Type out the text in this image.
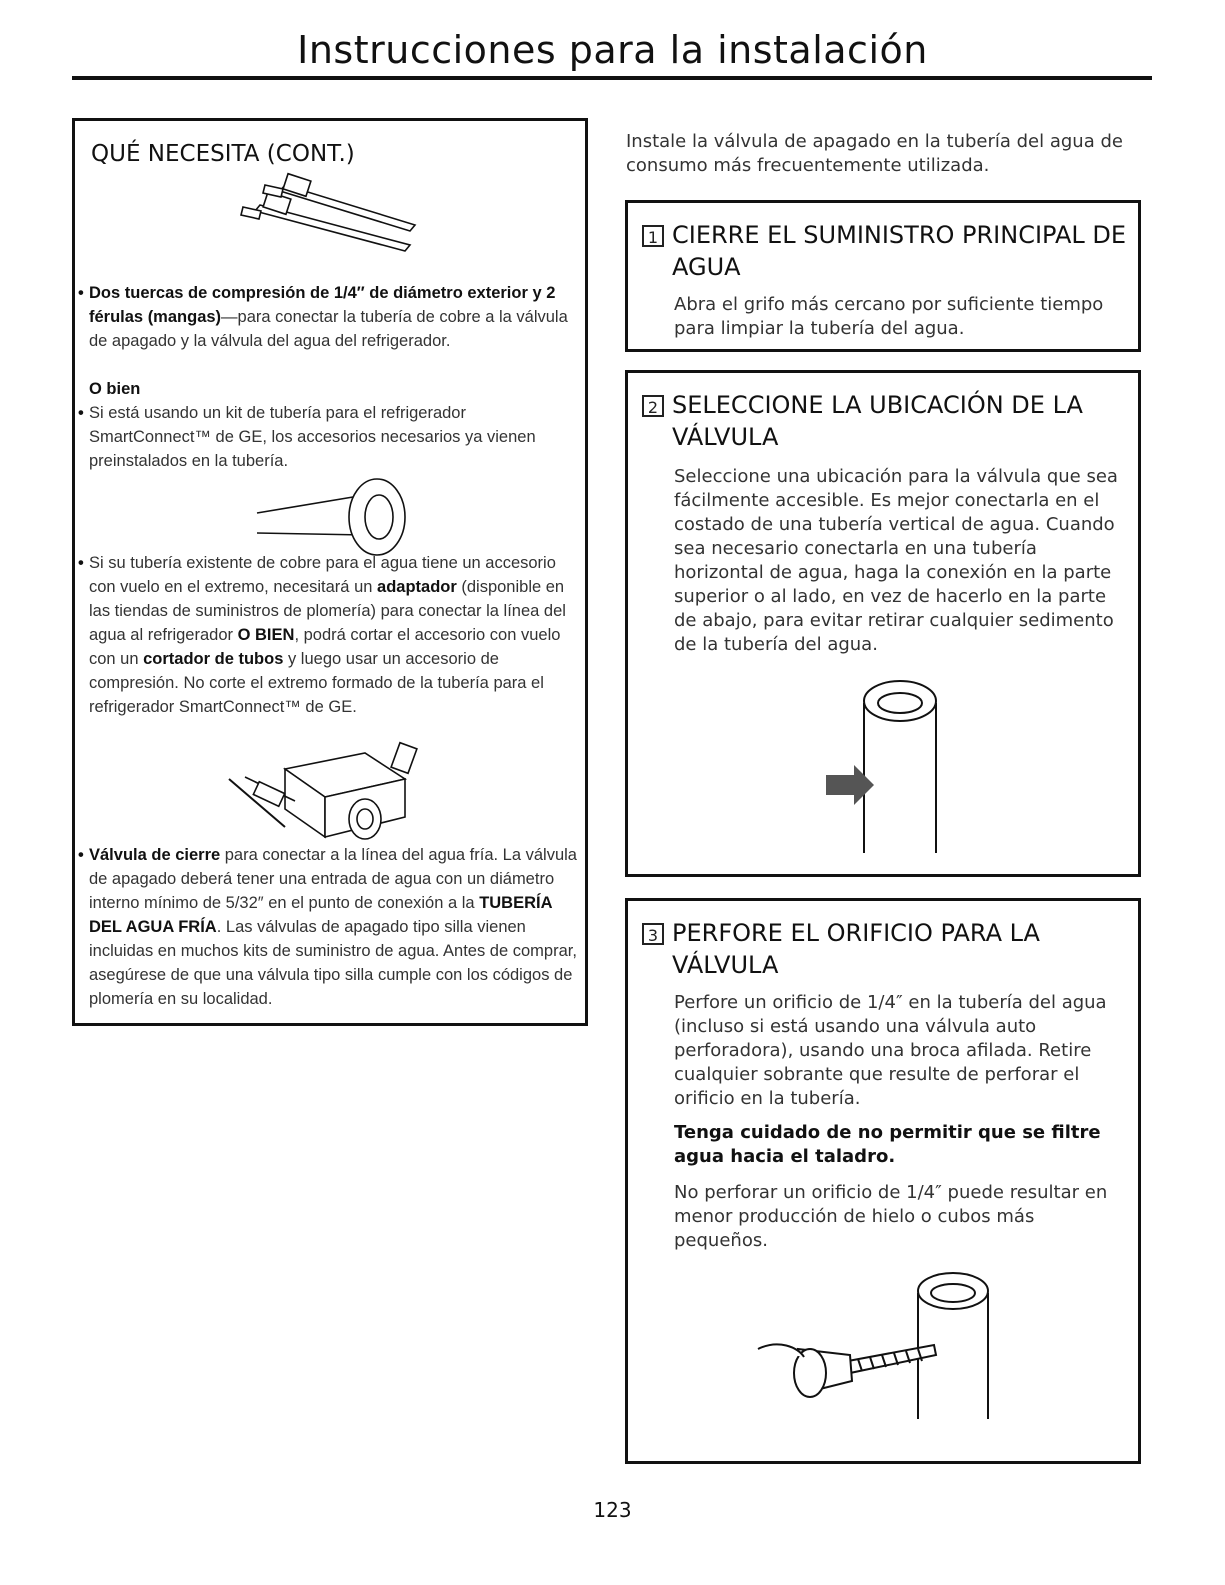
Instrucciones para la instalación
QUÉ NECESITA (CONT.)
• Dos tuercas de compresión de 1/4″ de diámetro exterior y 2 férulas (mangas)—para conectar la tubería de cobre a la válvula de apagado y la válvula del agua del refrigerador.
O bien
• Si está usando un kit de tubería para el refrigerador SmartConnect™ de GE, los accesorios necesarios ya vienen preinstalados en la tubería.
• Si su tubería existente de cobre para el agua tiene un accesorio con vuelo en el extremo, necesitará un adaptador (disponible en las tiendas de suministros de plomería) para conectar la línea del agua al refrigerador O BIEN, podrá cortar el accesorio con vuelo con un cortador de tubos y luego usar un accesorio de compresión. No corte el extremo formado de la tubería para el refrigerador SmartConnect™ de GE.
• Válvula de cierre para conectar a la línea del agua fría. La válvula de apagado deberá tener una entrada de agua con un diámetro interno mínimo de 5/32″ en el punto de conexión a la TUBERÍA DEL AGUA FRÍA. Las válvulas de apagado tipo silla vienen incluidas en muchos kits de suministro de agua. Antes de comprar, asegúrese de que una válvula tipo silla cumple con los códigos de plomería en su localidad.
Instale la válvula de apagado en la tubería del agua de consumo más frecuentemente utilizada.
1 CIERRE EL SUMINISTRO PRINCIPAL DE AGUA
Abra el grifo más cercano por suficiente tiempo para limpiar la tubería del agua.
2 SELECCIONE LA UBICACIÓN DE LA VÁLVULA
Seleccione una ubicación para la válvula que sea fácilmente accesible. Es mejor conectarla en el costado de una tubería vertical de agua. Cuando sea necesario conectarla en una tubería horizontal de agua, haga la conexión en la parte superior o al lado, en vez de hacerlo en la parte de abajo, para evitar retirar cualquier sedimento de la tubería del agua.
3 PERFORE EL ORIFICIO PARA LA VÁLVULA
Perfore un orificio de 1/4″ en la tubería del agua (incluso si está usando una válvula auto perforadora), usando una broca afilada. Retire cualquier sobrante que resulte de perforar el orificio en la tubería.
Tenga cuidado de no permitir que se filtre agua hacia el taladro.
No perforar un orificio de 1/4″ puede resultar en menor producción de hielo o cubos más pequeños.
123
